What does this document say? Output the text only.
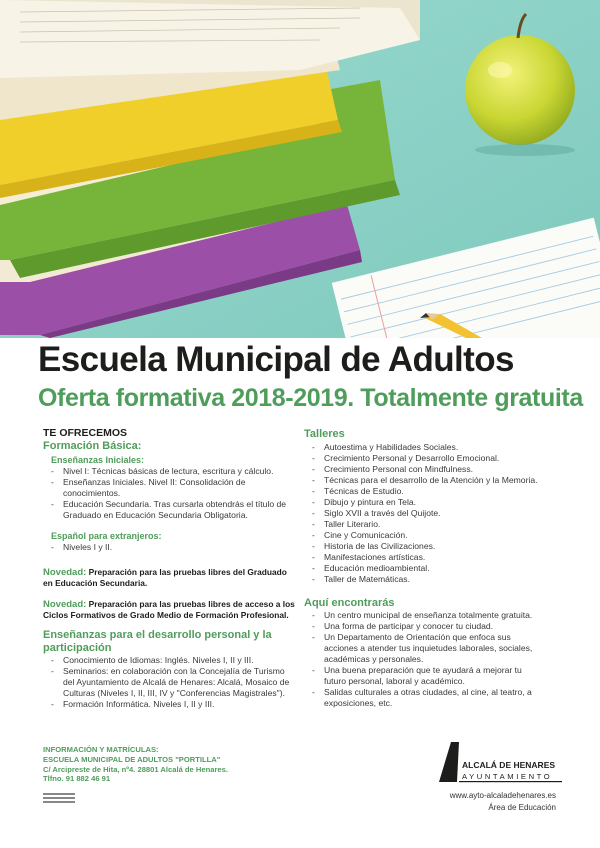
Escuela Municipal de Adultos
Oferta formativa 2018-2019. Totalmente gratuita
TE OFRECEMOS
Formación Básica:
Enseñanzas Iniciales:
- Nivel I: Técnicas básicas de lectura, escritura y cálculo.
- Enseñanzas Iniciales. Nivel II: Consolidación de conocimientos.
- Educación Secundaria. Tras cursarla obtendrás el título de Graduado en Educación Secundaria Obligatoria.
Español para extranjeros:
- Niveles I y II.
Novedad: Preparación para las pruebas libres del Graduado en Educación Secundaria.
Novedad: Preparación para las pruebas libres de acceso a los Ciclos Formativos de Grado Medio de Formación Profesional.
Enseñanzas para el desarrollo personal y la participación
- Conocimiento de Idiomas: Inglés. Niveles I, II y III.
- Seminarios: en colaboración con la Concejalía de Turismo del Ayuntamiento de Alcalá de Henares: Alcalá, Mosaico de Culturas (Niveles I, II, III, IV y "Conferencias Magistrales").
- Formación Informática. Niveles I, II y III.
Talleres
- Autoestima y Habilidades Sociales.
- Crecimiento Personal y Desarrollo Emocional.
- Crecimiento Personal con Mindfulness.
- Técnicas para el desarrollo de la Atención y la Memoria.
- Técnicas de Estudio.
- Dibujo y pintura en Tela.
- Siglo XVII a través del Quijote.
- Taller Literario.
- Cine y Comunicación.
- Historia de las Civilizaciones.
- Manifestaciones artísticas.
- Educación medioambiental.
- Taller de Matemáticas.
Aquí encontrarás
- Un centro municipal de enseñanza totalmente gratuita.
- Una forma de participar y conocer tu ciudad.
- Un Departamento de Orientación que enfoca sus acciones a atender tus inquietudes laborales, sociales, académicas y personales.
- Una buena preparación que te ayudará a mejorar tu futuro personal, laboral y académico.
- Salidas culturales a otras ciudades, al cine, al teatro, a exposiciones, etc.
INFORMACIÓN Y MATRÍCULAS:
ESCUELA MUNICIPAL DE ADULTOS "PORTILLA"
C/ Arcipreste de Hita, nº4. 28801 Alcalá de Henares.
Tlfno. 91 882 46 91
ALCALÁ DE HENARES
AYUNTAMIENTO
www.ayto-alcaladehenares.es
Área de Educación
